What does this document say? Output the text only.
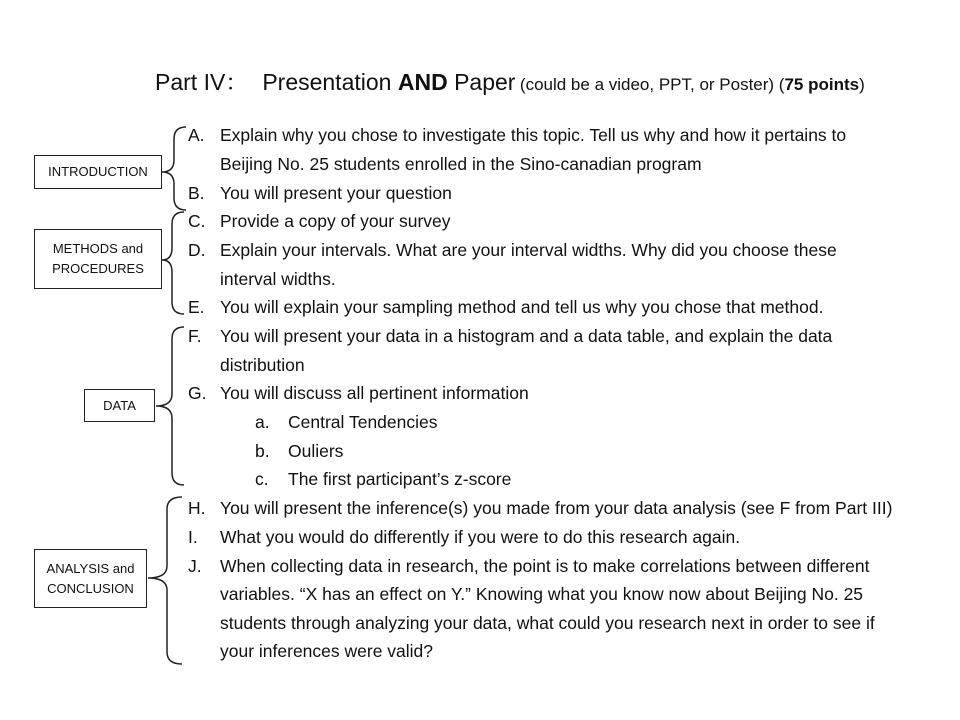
Part IV： Presentation AND Paper (could be a video, PPT, or Poster) (75 points)
A. Explain why you chose to investigate this topic. Tell us why and how it pertains to
Beijing No. 25 students enrolled in the Sino-canadian program
B. You will present your question
C. Provide a copy of your survey
D. Explain your intervals. What are your interval widths. Why did you choose these
interval widths.
E. You will explain your sampling method and tell us why you chose that method.
F. You will present your data in a histogram and a data table, and explain the data
distribution
G. You will discuss all pertinent information
a. Central Tendencies
b. Ouliers
c. The first participant’s z-score
H. You will present the inference(s) you made from your data analysis (see F from Part III)
I. What you would do differently if you were to do this research again.
J. When collecting data in research, the point is to make correlations between different
variables. “X has an effect on Y.” Knowing what you know now about Beijing No. 25
students through analyzing your data, what could you research next in order to see if
your inferences were valid?
INTRODUCTION
METHODS and
PROCEDURES
DATA
ANALYSIS and
CONCLUSION
